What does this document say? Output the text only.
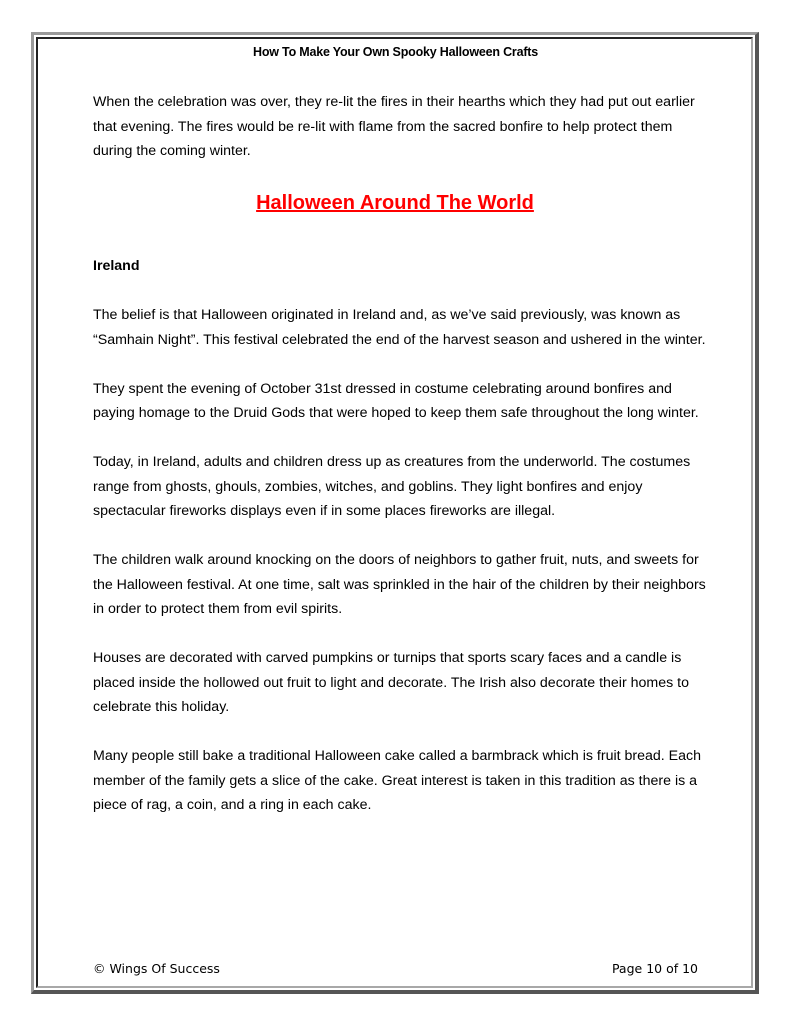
How To Make Your Own Spooky Halloween Crafts

When the celebration was over, they re-lit the fires in their hearths which they had put out earlier that evening. The fires would be re-lit with flame from the sacred bonfire to help protect them during the coming winter.

Halloween Around The World

Ireland

The belief is that Halloween originated in Ireland and, as we’ve said previously, was known as “Samhain Night”. This festival celebrated the end of the harvest season and ushered in the winter.

They spent the evening of October 31st dressed in costume celebrating around bonfires and paying homage to the Druid Gods that were hoped to keep them safe throughout the long winter.

Today, in Ireland, adults and children dress up as creatures from the underworld. The costumes range from ghosts, ghouls, zombies, witches, and goblins. They light bonfires and enjoy spectacular fireworks displays even if in some places fireworks are illegal.

The children walk around knocking on the doors of neighbors to gather fruit, nuts, and sweets for the Halloween festival. At one time, salt was sprinkled in the hair of the children by their neighbors in order to protect them from evil spirits.

Houses are decorated with carved pumpkins or turnips that sports scary faces and a candle is placed inside the hollowed out fruit to light and decorate. The Irish also decorate their homes to celebrate this holiday.

Many people still bake a traditional Halloween cake called a barmbrack which is fruit bread. Each member of the family gets a slice of the cake. Great interest is taken in this tradition as there is a piece of rag, a coin, and a ring in each cake.

© Wings Of Success	Page 10 of 10
